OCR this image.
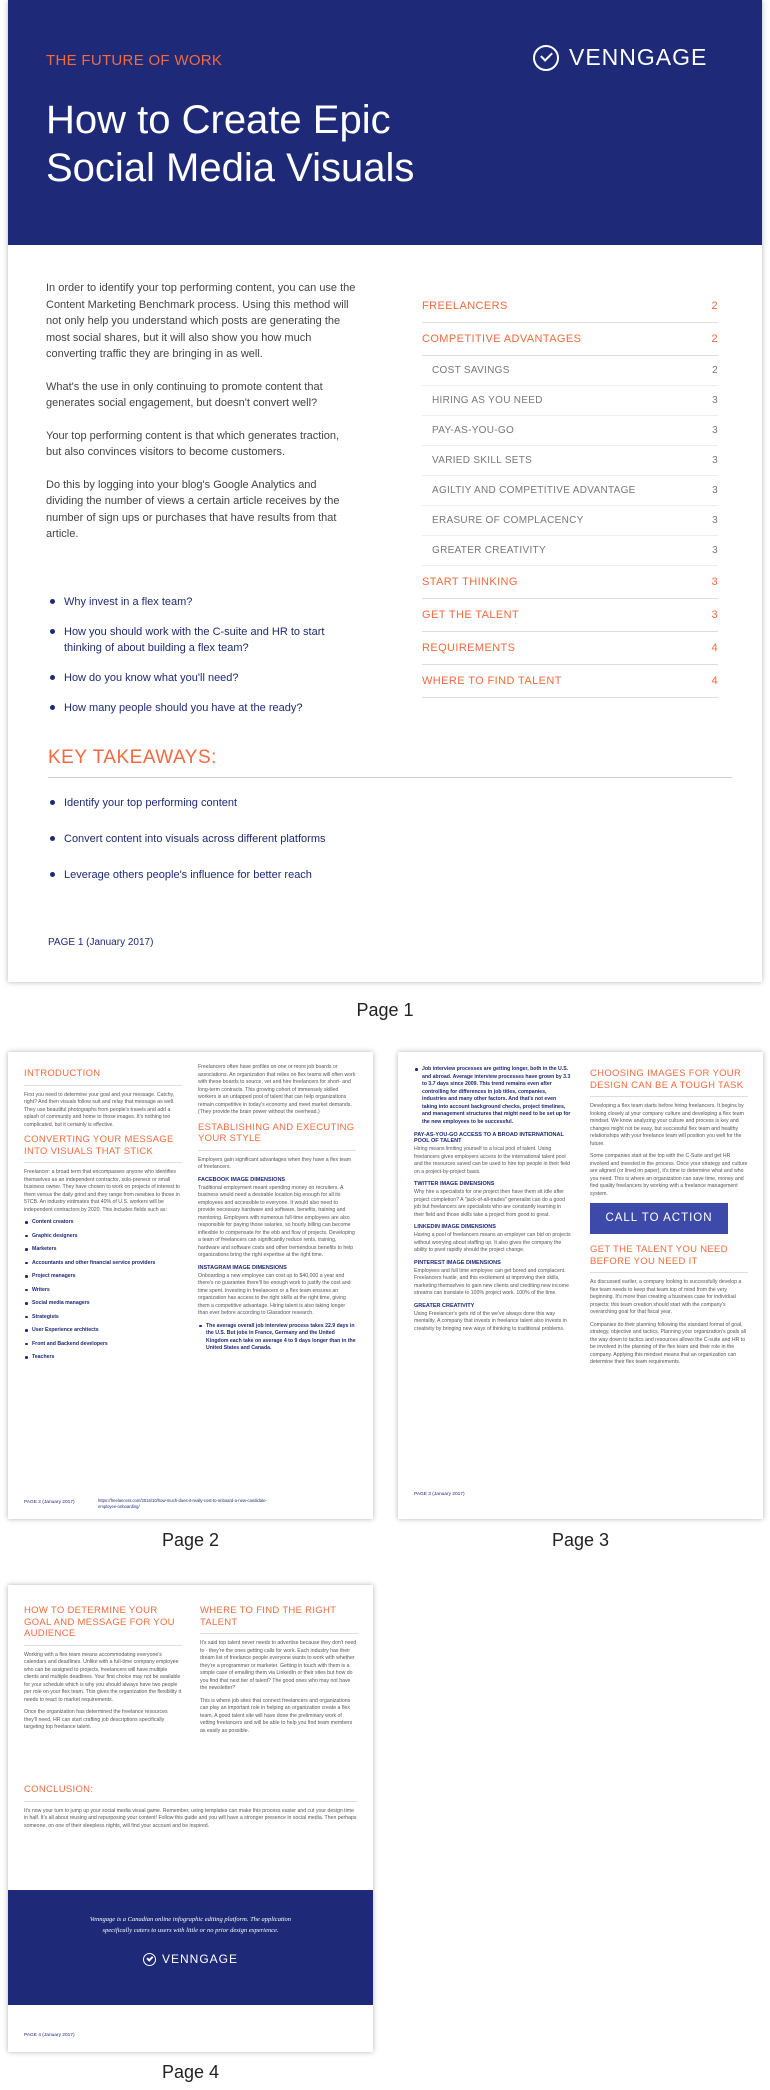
THE FUTURE OF WORK
How to Create Epic Social Media Visuals
VENNGAGE

In order to identify your top performing content, you can use the Content Marketing Benchmark process. Using this method will not only help you understand which posts are generating the most social shares, but it will also show you how much converting traffic they are bringing in as well.

What's the use in only continuing to promote content that generates social engagement, but doesn't convert well?

Your top performing content is that which generates traction, but also convinces visitors to become customers.

Do this by logging into your blog's Google Analytics and dividing the number of views a certain article receives by the number of sign ups or purchases that have results from that article.

Why invest in a flex team?
How you should work with the C-suite and HR to start thinking of about building a flex team?
How do you know what you'll need?
How many people should you have at the ready?
FREELANCERS	2
COMPETITIVE ADVANTAGES	2
COST SAVINGS	2
HIRING AS YOU NEED	3
PAY-AS-YOU-GO	3
VARIED SKILL SETS	3
AGILTIY AND COMPETITIVE ADVANTAGE	3
ERASURE OF COMPLACENCY	3
GREATER CREATIVITY	3
START THINKING	3
GET THE TALENT	3
REQUIREMENTS	4
WHERE TO FIND TALENT	4
KEY TAKEAWAYS:
Identify your top performing content
Convert content into visuals across different platforms
Leverage others people's influence for better reach
PAGE 1 (January 2017)
Page 1
INTRODUCTION

First you need to determine your goal and your message. Catchy, right? And then visuals follow suit and relay that message as well. They use beautiful photographs from people's travels and add a splash of community and home to those images. It's nothing too complicated, but it certainly is effective.

CONVERTING YOUR MESSAGE INTO VISUALS THAT STICK

Freelancer: a broad term that encompasses anyone who identifies themselves as an independent contractor, solo-preneur or small business owner. They have chosen to work on projects of interest to them versus the daily grind and they range from newbies to those in 57CB. An industry estimates that 40% of U.S. workers will be independent contractors by 2020. This includes fields such as:

Content creators
Graphic designers
Marketers
Accountants and other financial service providers
Project managers
Writers
Social media managers
Strategists
User Experience architects
Front and Backend developers
Teachers

Freelancers often have profiles on one or more job boards or associations. An organization that relies on flex teams will often work with these boards to source, vet and hire freelancers for short- and long-term contracts. This growing cohort of immensely skilled workers is an untapped pool of talent that can help organizations remain competitive in today's economy and meet market demands. (They provide the brain power without the overhead.)

ESTABLISHING AND EXECUTING YOUR STYLE

Employers gain significant advantages when they have a flex team of freelancers.

FACEBOOK IMAGE DIMENSIONS

Traditional employment meant spending money on recruiters. A business would need a desirable location big enough for all its employees and accessible to everyone. It would also need to provide necessary hardware and software, benefits, training and mentoring. Employers with numerous full-time employees are also responsible for paying those salaries, so hourly billing can become inflexible to compensate for the ebb and flow of projects. Developing a team of freelancers can significantly reduce rents, training, hardware and software costs and other tremendous benefits to help organizations bring the right expertise at the right time.

INSTAGRAM IMAGE DIMENSIONS

Onboarding a new employee can cost up to $40,000 a year and there's no guarantee there'll be enough work to justify the cost and time spent. Investing in freelancers or a flex team ensures an organization has access to the right skills at the right time, giving them a competitive advantage. Hiring talent is also taking longer than ever before according to Glassdoor research.

The average overall job interview process takes 22.9 days in the U.S. But jobs in France, Germany and the United Kingdom each take on average 4 to 9 days longer than in the United States and Canada.
PAGE 2 (January 2017)	https://freelancers.com/2016/10/how-much-does-it-really-cost-to-onboard-a-new-candidate-employee-onboarding/
Page 2
Job interview processes are getting longer, both in the U.S. and abroad. Average interview processes have grown by 3.3 to 3.7 days since 2009. This trend remains even after controlling for differences in job titles, companies, industries and many other factors. And that's not even taking into account background checks, project timelines, and management structures that might need to be set up for the new employees to be successful.
PAY-AS-YOU-GO ACCESS TO A BROAD INTERNATIONAL POOL OF TALENT

Hiring means limiting yourself to a local pool of talent. Using freelancers gives employers access to the international talent pool and the resources saved can be used to hire top people in their field on a project-by-project basis.

TWITTER IMAGE DIMENSIONS

Why hire a specialists for one project then have them sit idle after project completion? A "jack-of-all-trades" generalist can do a good job but freelancers are specialists who are constantly learning in their field and those skills take a project from good to great.

LINKEDIN IMAGE DIMENSIONS

Having a pool of freelancers means an employer can bid on projects without worrying about staffing up. It also gives the company the ability to pivot rapidly should the project change.

PINTEREST IMAGE DIMENSIONS

Employees and full time employee can get bored and complacent. Freelancers hustle, and this excitement at improving their skills, marketing themselves to gain new clients and crediting new income streams can translate to 100% project work. 100% of the time.

GREATER CREATIVITY

Using Freelancer's gets rid of the we've always done this way mentality. A company that invests in freelance talent also invests in creativity by bringing new ways of thinking to traditional problems.

CHOOSING IMAGES FOR YOUR DESIGN CAN BE A TOUGH TASK

Developing a flex team starts before hiring freelancers. It begins by looking closely at your company culture and developing a flex team mindset. We know analyzing your culture and process is key and changes might not be easy, but successful flex team and healthy relationships with your freelance team will position you well for the future.

Some companies start at the top with the C-Suite and get HR involved and invested in the process. Once your strategy and culture are aligned (or lined on paper), it's time to determine what and who you need. This is where an organization can save time, money and find quality freelancers by working with a freelance management system.

CALL TO ACTION
GET THE TALENT YOU NEED BEFORE YOU NEED IT

As discussed earlier, a company looking to successfully develop a flex team needs to keep that team top of mind from the very beginning. It's more than creating a business case for individual projects; this team creation should start with the company's overarching goal for that fiscal year.

Companies do their planning following the standard format of goal, strategy, objective and tactics. Planning your organization's goals all the way down to tactics and resources allows the C-suite and HR to be involved in the planning of the flex team and their role in the company. Applying this mindset means that an organization can determine their flex team requirements.

PAGE 3 (January 2017)
Page 3
HOW TO DETERMINE YOUR GOAL AND MESSAGE FOR YOU AUDIENCE

Working with a flex team means accommodating everyone's calendars and deadlines. Unlike with a full-time company employee who can be assigned to projects, freelancers will have multiple clients and multiple deadlines. Your first choice may not be available for your schedule which is why you should always have two people per role on your flex team. This gives the organization the flexibility it needs to react to market requirements.

Once the organization has determined the freelance resources they'll need, HR can start crafting job descriptions specifically targeting top freelance talent.

WHERE TO FIND THE RIGHT TALENT

It's said top talent never needs to advertise because they don't need to - they're the ones getting calls for work. Each industry has their dream list of freelance people everyone wants to work with whether they're a programmer or marketer. Getting in touch with them is a simple case of emailing them via LinkedIn or their sites but how do you find that next tier of talent? The good ones who may not have the newsletter?

This is where job sites that connect freelancers and organizations can play an important role in helping an organization create a flex team. A good talent site will have done the preliminary work of vetting freelancers and will be able to help you find team members as easily as possible.

CONCLUSION:

It's now your turn to jump up your social media visual game. Remember, using templates can make this process easier and cut your design time in half. It's all about reusing and repurposing your content! Follow this guide and you will have a stronger presence in social media. Then perhaps someone, on one of their sleepless nights, will find your account and be inspired.

Venngage is a Canadian online infographic editing platform. The application specifically caters to users with little or no prior design experience.
VENNGAGE
PAGE 4 (January 2017)
Page 4
